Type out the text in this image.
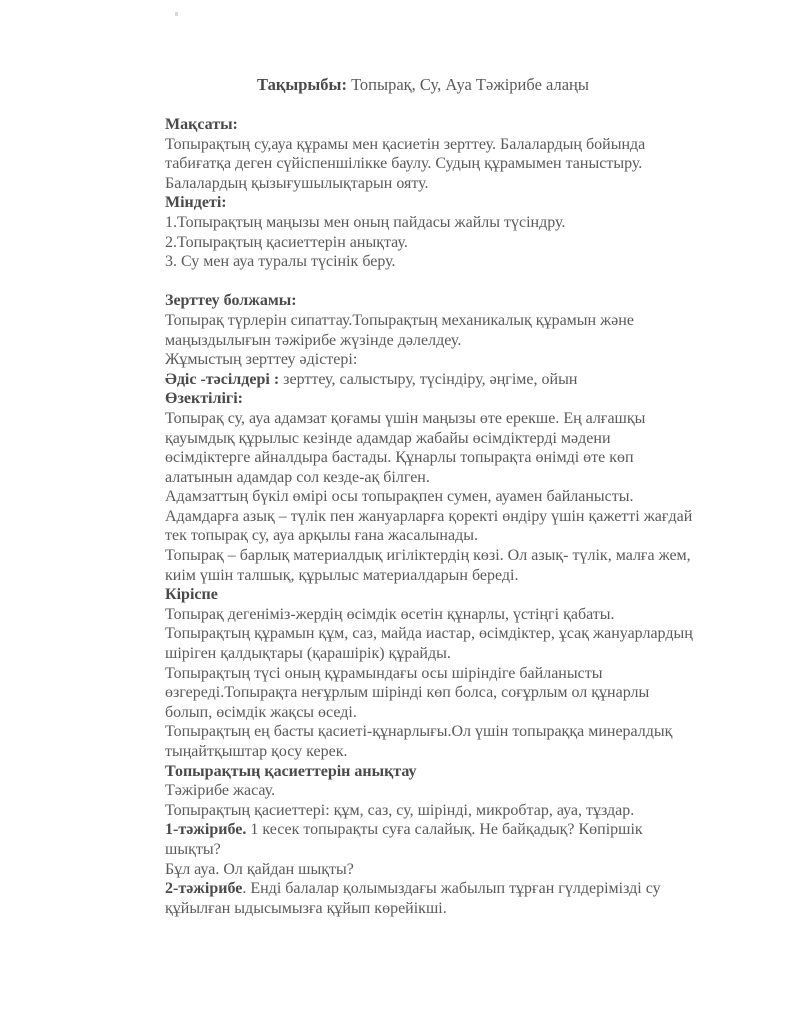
Тақырыбы: Топырақ, Су, Ауа Тәжірибе алаңы
Мақсаты:
Топырақтың су,ауа құрамы мен қасиетін зерттеу. Балалардың бойында
табиғатқа деген сүйіспеншілікке баулу. Судың құрамымен таныстыру.
Балалардың қызығушылықтарын ояту.
Міндеті:
1.Топырақтың маңызы мен оның пайдасы жайлы түсіндру.
2.Топырақтың қасиеттерін анықтау.
3. Су мен ауа туралы түсінік беру.
Зерттеу болжамы:
Топырақ түрлерін сипаттау.Топырақтың механикалық құрамын және
маңыздылығын тәжірибе жүзінде дәлелдеу.
Жұмыстың зерттеу әдістері:
Әдіс -тәсілдері : зерттеу, салыстыру, түсіндіру, әңгіме, ойын
Өзектілігі:
Топырақ су, ауа адамзат қоғамы үшін маңызы өте ерекше. Ең алғашқы
қауымдық құрылыс кезінде адамдар жабайы өсімдіктерді мәдени
өсімдіктерге айналдыра бастады. Құнарлы топырақта өнімді өте көп
алатынын адамдар сол кезде-ақ білген.
Адамзаттың бүкіл өмірі осы топырақпен сумен, ауамен байланысты.
Адамдарға азық – түлік пен жануарларға қоректі өндіру үшін қажетті жағдай
тек топырақ су, ауа арқылы ғана жасалынады.
Топырақ – барлық материалдық игіліктердің көзі. Ол азық- түлік, малға жем,
киім үшін талшық, құрылыс материалдарын береді.
Кіріспе
Топырақ дегеніміз-жердің өсімдік өсетін құнарлы, үстіңгі қабаты.
Топырақтың құрамын құм, саз, майда иастар, өсімдіктер, ұсақ жануарлардың
шіріген қалдықтары (қарашірік) құрайды.
Топырақтың түсі оның құрамындағы осы шіріндіге байланысты
өзгереді.Топырақта неғұрлым шірінді көп болса, соғұрлым ол құнарлы
болып, өсімдік жақсы өседі.
Топырақтың ең басты қасиеті-құнарлығы.Ол үшін топыраққа минералдық
тыңайтқыштар қосу керек.
Топырақтың қасиеттерін анықтау
Тәжірибе жасау.
Топырақтың қасиеттері: құм, саз, су, шірінді, микробтар, ауа, тұздар.
1-тәжірибе. 1 кесек топырақты суға салайық. Не байқадық? Көпіршік
шықты?
Бұл ауа. Ол қайдан шықты?
2-тәжірибе. Енді балалар қолымыздағы жабылып тұрған гүлдерімізді су
құйылған ыдысымызға құйып көрейікші.
